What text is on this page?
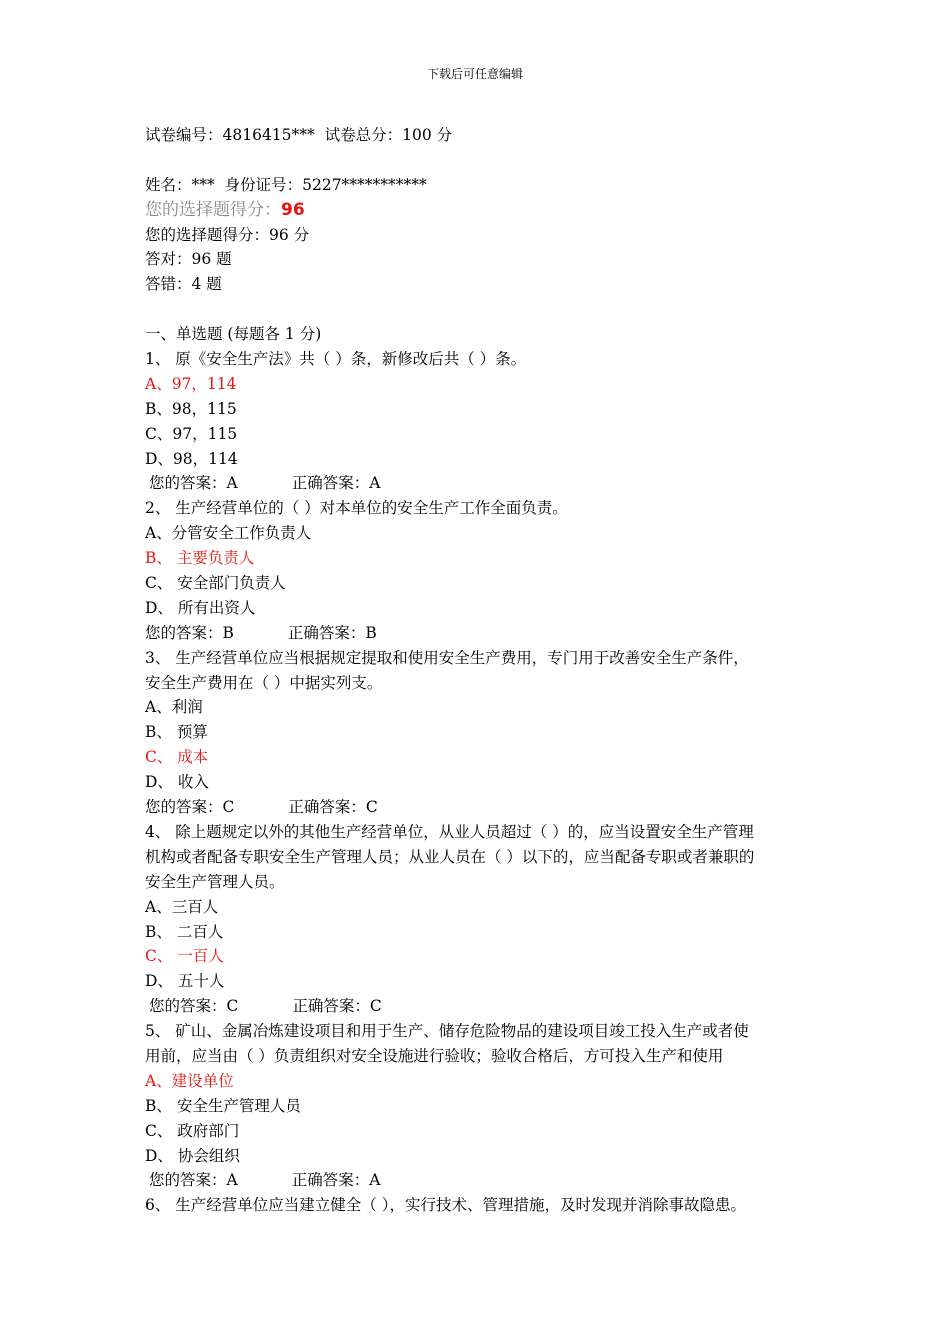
下载后可任意编辑
试卷编号：4816415***  试卷总分：100 分
姓名：***  身份证号：5227***********
您的选择题得分：96
您的选择题得分：96 分
答对：96 题
答错：4 题
一、单选题 (每题各 1 分)
1、 原《安全生产法》共（ ）条，新修改后共（ ）条。
A、97，114
B、98，115
C、97，115
D、98，114
您的答案：A	正确答案：A
2、 生产经营单位的（ ）对本单位的安全生产工作全面负责。
A、分管安全工作负责人
B、 主要负责人
C、 安全部门负责人
D、 所有出资人
您的答案：B	正确答案：B
3、 生产经营单位应当根据规定提取和使用安全生产费用，专门用于改善安全生产条件，
安全生产费用在（ ）中据实列支。
A、利润
B、 预算
C、 成本
D、 收入
您的答案：C	正确答案：C
4、 除上题规定以外的其他生产经营单位，从业人员超过（ ）的，应当设置安全生产管理
机构或者配备专职安全生产管理人员；从业人员在（ ）以下的，应当配备专职或者兼职的
安全生产管理人员。
A、三百人
B、 二百人
C、 一百人
D、 五十人
您的答案：C	正确答案：C
5、 矿山、金属冶炼建设项目和用于生产、储存危险物品的建设项目竣工投入生产或者使
用前，应当由（ ）负责组织对安全设施进行验收；验收合格后，方可投入生产和使用
A、建设单位
B、 安全生产管理人员
C、 政府部门
D、 协会组织
您的答案：A	正确答案：A
6、 生产经营单位应当建立健全（ ），实行技术、管理措施，及时发现并消除事故隐患。
